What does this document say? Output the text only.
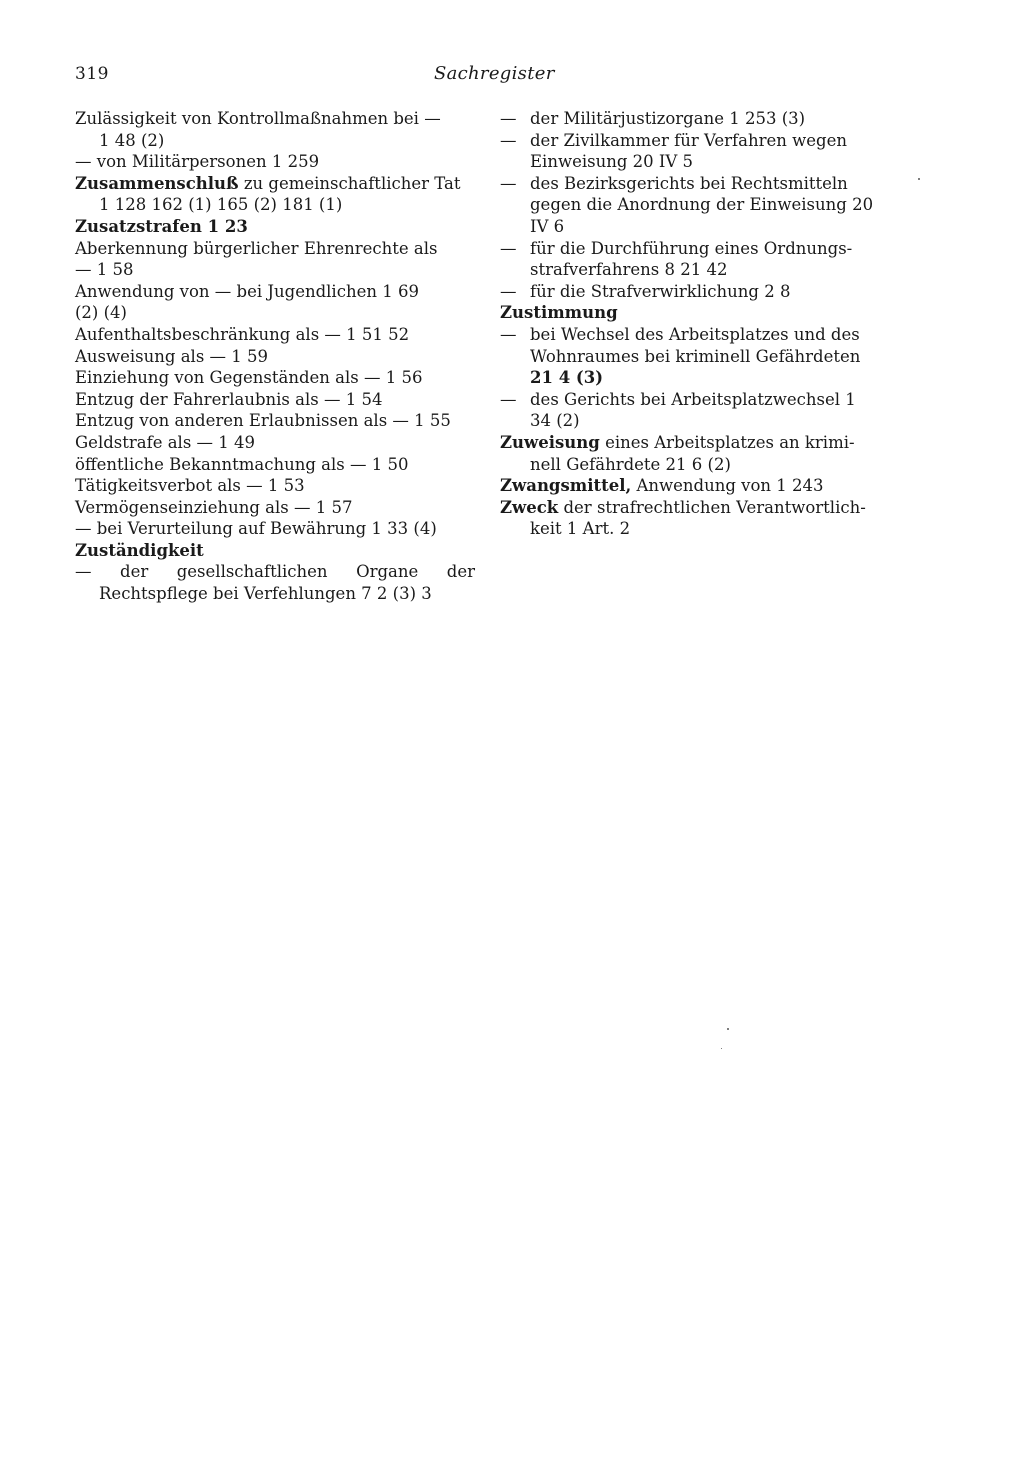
319	Sachregister
Zulässigkeit von Kontrollmaßnahmen bei —
1 48 (2)
— von Militärpersonen 1 259
Zusammenschluß zu gemeinschaftlicher Tat
1 128 162 (1) 165 (2) 181 (1)
Zusatzstrafen 1 23
Aberkennung bürgerlicher Ehrenrechte als
— 1 58
Anwendung von — bei Jugendlichen 1 69
(2) (4)
Aufenthaltsbeschränkung als — 1 51 52
Ausweisung als — 1 59
Einziehung von Gegenständen als — 1 56
Entzug der Fahrerlaubnis als — 1 54
Entzug von anderen Erlaubnissen als — 1 55
Geldstrafe als — 1 49
öffentliche Bekanntmachung als — 1 50
Tätigkeitsverbot als — 1 53
Vermögenseinziehung als — 1 57
— bei Verurteilung auf Bewährung 1 33 (4)
Zuständigkeit
— der gesellschaftlichen Organe der
Rechtspflege bei Verfehlungen 7 2 (3) 3
— der Militärjustizorgane 1 253 (3)
— der Zivilkammer für Verfahren wegen
Einweisung 20 IV 5
— des Bezirksgerichts bei Rechtsmitteln
gegen die Anordnung der Einweisung 20
IV 6
— für die Durchführung eines Ordnungs-
strafverfahrens 8 21 42
— für die Strafverwirklichung 2 8
Zustimmung
— bei Wechsel des Arbeitsplatzes und des
Wohnraumes bei kriminell Gefährdeten
21 4 (3)
— des Gerichts bei Arbeitsplatzwechsel 1
34 (2)
Zuweisung eines Arbeitsplatzes an krimi-
nell Gefährdete 21 6 (2)
Zwangsmittel, Anwendung von 1 243
Zweck der strafrechtlichen Verantwortlich-
keit 1 Art. 2
